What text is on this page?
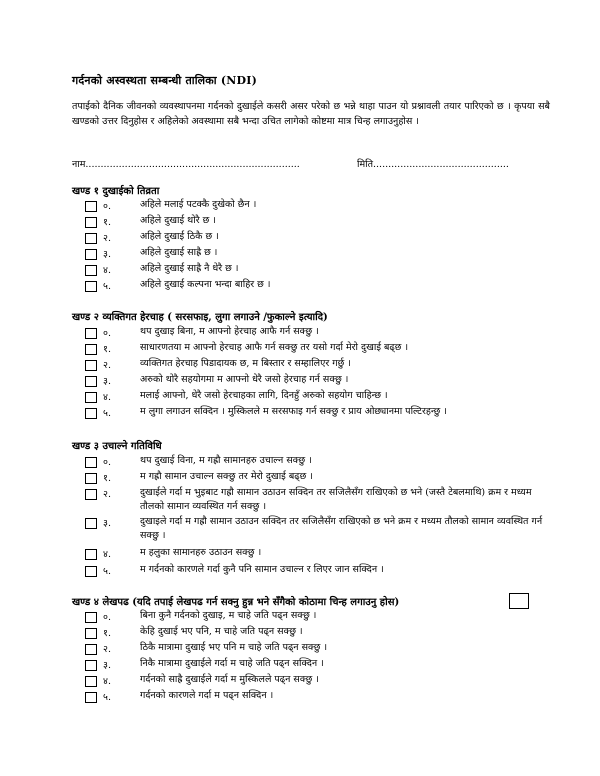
गर्दनको अस्वस्थता सम्बन्धी तालिका (NDI)
तपाईको दैनिक जीवनको व्यवस्थापनमा गर्दनको दुखाईले कसरी असर परेको छ भन्ने थाहा पाउन यो प्रश्नावली तयार पारिएको छ । कृपया सबै खण्डको उत्तर दिनुहोस र अहिलेको अवस्थामा सबै भन्दा उचित लागेको कोष्टमा मात्र चिन्ह लगाउनुहोस ।
नाम.......................................................................	मिति.............................................
खण्ड १ दुखाईको तिव्रता
०.	अहिले मलाई पटक्कै दुखेको छैन ।
१.	अहिले दुखाई थोरै छ ।
२.	अहिले दुखाई ठिकै छ ।
३.	अहिले दुखाई साह्रै छ ।
४.	अहिले दुखाई साह्रै नै धेरै छ ।
५.	अहिले दुखाई कल्पना भन्दा बाहिर छ ।
खण्ड २ व्यक्तिगत हेरचाह ( सरसफाइ, लुगा लगाउने /फुकाल्ने इत्यादि)
०.	थप दुखाइ बिना, म आफ्नो हेरचाह आफै गर्न सक्छु ।
१.	साधारणतया म आफ्नो हेरचाह आफै गर्न सक्छु तर यसो गर्दा मेरो दुखाई बढ्छ ।
२.	व्यक्तिगत हेरचाह पिडादायक छ, म बिस्तार र सम्हालिएर गर्छु ।
३.	अरुको थोरै सहयोगमा म आफ्नो धेरै जसो हेरचाह गर्न सक्छु ।
४.	मलाई आफ्नो, धेरै जसो हेरचाहका लागि, दिनहुँ अरुको सहयोग चाहिन्छ ।
५.	म लुगा लगाउन सक्दिन । मुस्किलले म सरसफाइ गर्न सक्छु र प्राय ओछ्यानमा पल्टिरहन्छु ।
खण्ड ३ उचाल्ने गतिविधि
०.	थप दुखाई विना, म गह्रौ सामानहरु उचाल्न सक्छु ।
१.	म गह्रौ सामान उचाल्न सक्छु तर मेरो दुखाई बढ्छ ।
२.	दुखाईले गर्दा म भुइबाट गह्रौ सामान उठाउन सक्दिन तर सजिलैसँग राखिएको छ भने (जस्तै टेबलमाथि) क्रम र मध्यम तौलको सामान व्यवस्थित गर्न सक्छु ।
३.	दुखाइले गर्दा म गह्रौ सामान उठाउन सक्दिन तर सजिलैसँग राखिएको छ भने क्रम र मध्यम तौलको सामान व्यवस्थित गर्न सक्छु ।
४.	म हलुका सामानहरु उठाउन सक्छु ।
५.	म गर्दनको कारणले गर्दा कुनै पनि सामान उचाल्न र लिएर जान सक्दिन ।
खण्ड ४ लेखपढ (यदि तपाई लेखपढ गर्न सक्नु हुन्न भने सँगैको कोठामा चिन्ह लगाउनु होस)
०.	बिना कुनै गर्दनको दुखाइ, म चाहे जति पढ्न सक्छु ।
१.	केहि दुखाई भए पनि, म चाहे जति पढ्न सक्छु ।
२.	ठिकै मात्रामा दुखाई भए पनि म चाहे जति पढ्न सक्छु ।
३.	निकै मात्रामा दुखाईले गर्दा म चाहे जति पढ्न सक्दिन ।
४.	गर्दनको साह्रै दुखाईले गर्दा म मुस्किलले पढ्न सक्छु ।
५.	गर्दनको कारणले गर्दा म पढ्न सक्दिन ।
